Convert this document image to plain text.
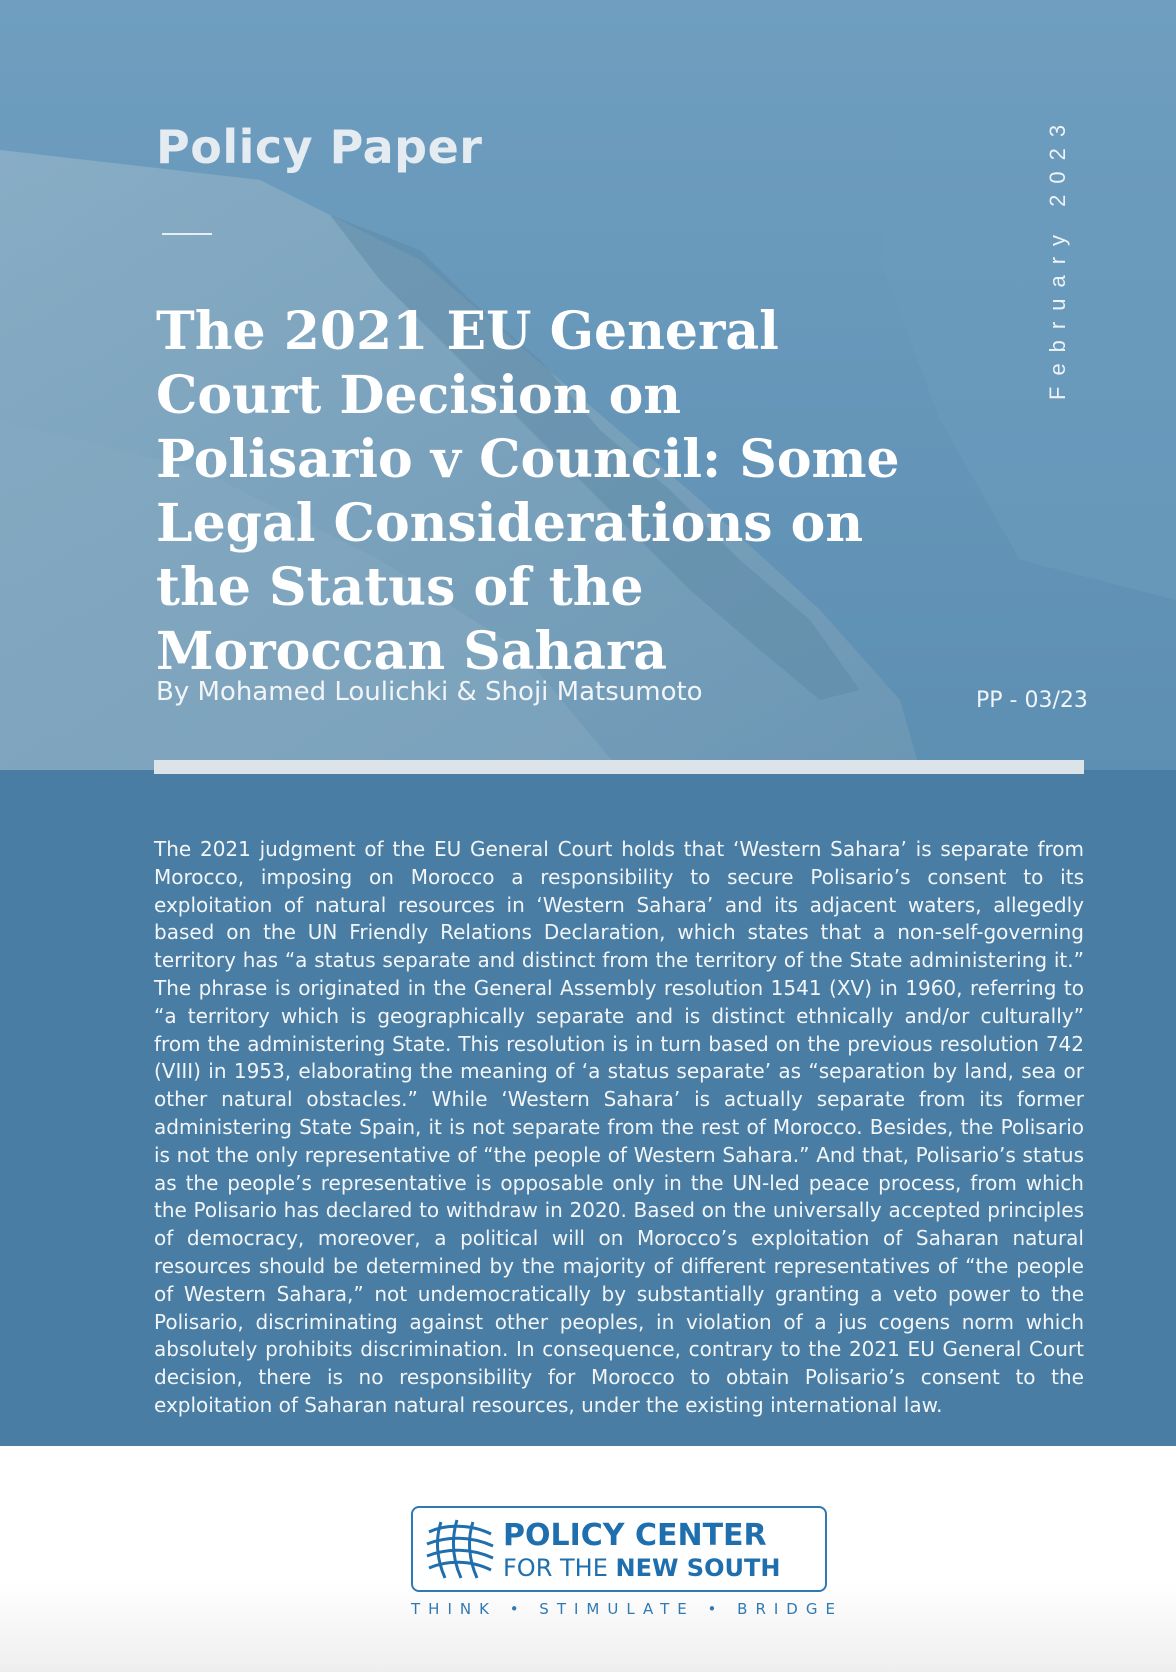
Policy Paper
The 2021 EU General Court Decision on Polisario v Council: Some Legal Considerations on the Status of the Moroccan Sahara
February 2023

By Mohamed Loulichki & Shoji Matsumoto	PP - 03/23

The 2021 judgment of the EU General Court holds that ‘Western Sahara’ is separate from Morocco, imposing on Morocco a responsibility to secure Polisario’s consent to its exploitation of natural resources in ‘Western Sahara’ and its adjacent waters, allegedly based on the UN Friendly Relations Declaration, which states that a non-self-governing territory has “a status separate and distinct from the territory of the State administering it.” The phrase is originated in the General Assembly resolution 1541 (XV) in 1960, referring to “a territory which is geographically separate and is distinct ethnically and/or culturally” from the administering State. This resolution is in turn based on the previous resolution 742 (VIII) in 1953, elaborating the meaning of ‘a status separate’ as “separation by land, sea or other natural obstacles.” While ‘Western Sahara’ is actually separate from its former administering State Spain, it is not separate from the rest of Morocco. Besides, the Polisario is not the only representative of “the people of Western Sahara.” And that, Polisario’s status as the people’s representative is opposable only in the UN-led peace process, from which the Polisario has declared to withdraw in 2020. Based on the universally accepted principles of democracy, moreover, a political will on Morocco’s exploitation of Saharan natural resources should be determined by the majority of different representatives of “the people of Western Sahara,” not undemocratically by substantially granting a veto power to the Polisario, discriminating against other peoples, in violation of a jus cogens norm which absolutely prohibits discrimination. In consequence, contrary to the 2021 EU General Court decision, there is no responsibility for Morocco to obtain Polisario’s consent to the exploitation of Saharan natural resources, under the existing international law.

POLICY CENTER

FOR THE NEW SOUTH

THINK • STIMULATE • BRIDGE
